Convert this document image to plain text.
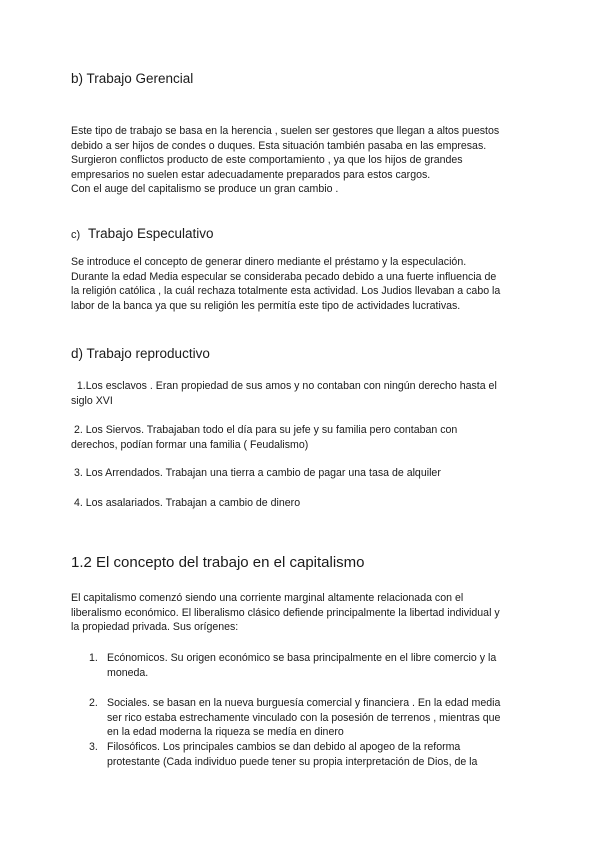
b) Trabajo Gerencial
Este tipo de trabajo se basa en la herencia , suelen ser gestores que llegan a altos puestos
debido a ser hijos de condes o duques. Esta situación también pasaba en las empresas.
Surgieron conflictos producto de este comportamiento , ya que los hijos de grandes
empresarios no suelen estar adecuadamente preparados para estos cargos.
Con el auge del capitalismo se produce un gran cambio .
c) Trabajo Especulativo
Se introduce el concepto de generar dinero mediante el préstamo y la especulación.
Durante la edad Media especular se consideraba pecado debido a una fuerte influencia de
la religión católica , la cuál rechaza totalmente esta actividad. Los Judios llevaban a cabo la
labor de la banca ya que su religión les permitía este tipo de actividades lucrativas.
d) Trabajo reproductivo
1.Los esclavos . Eran propiedad de sus amos y no contaban con ningún derecho hasta el
siglo XVI
2. Los Siervos. Trabajaban todo el día para su jefe y su familia pero contaban con
derechos, podían formar una familia ( Feudalismo)
3. Los Arrendados. Trabajan una tierra a cambio de pagar una tasa de alquiler
4. Los asalariados. Trabajan a cambio de dinero
1.2 El concepto del trabajo en el capitalismo
El capitalismo comenzó siendo una corriente marginal altamente relacionada con el
liberalismo económico. El liberalismo clásico defiende principalmente la libertad individual y
la propiedad privada. Sus orígenes:
1. Ecónomicos. Su origen económico se basa principalmente en el libre comercio y la
moneda.
2. Sociales. se basan en la nueva burguesía comercial y financiera . En la edad media
ser rico estaba estrechamente vinculado con la posesión de terrenos , mientras que
en la edad moderna la riqueza se medía en dinero
3. Filosóficos. Los principales cambios se dan debido al apogeo de la reforma
protestante (Cada individuo puede tener su propia interpretación de Dios, de la
